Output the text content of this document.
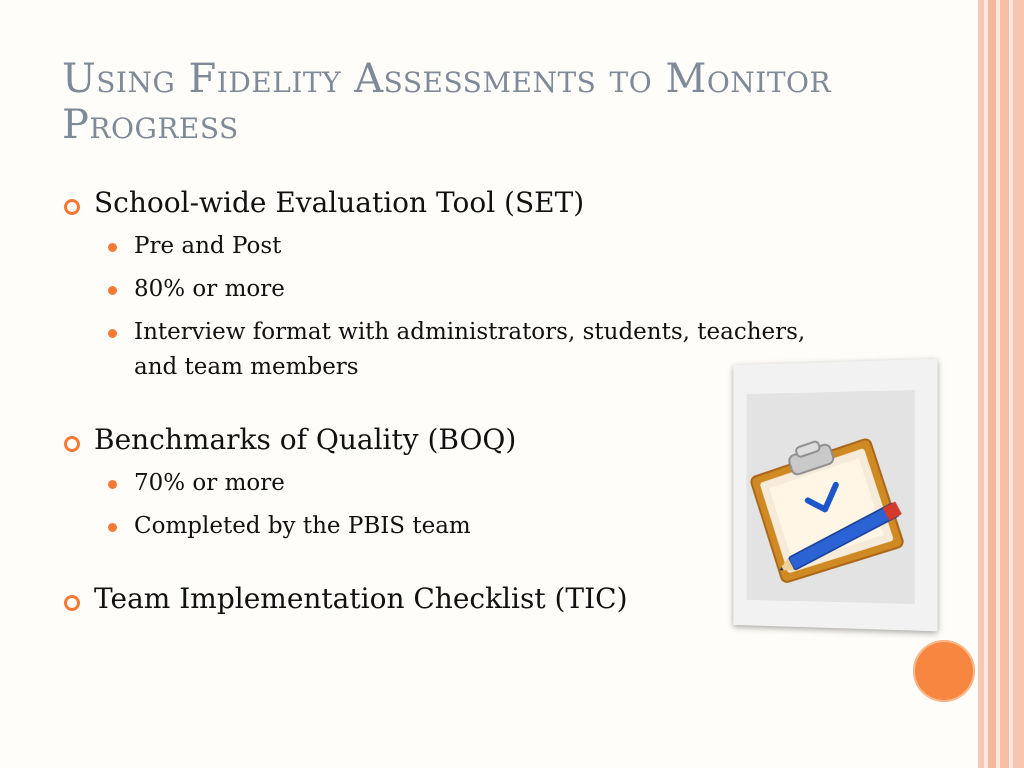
Using Fidelity Assessments to Monitor Progress
School-wide Evaluation Tool (SET)
Pre and Post
80% or more
Interview format with administrators, students, teachers, and team members
Benchmarks of Quality (BOQ)
70% or more
Completed by the PBIS team
Team Implementation Checklist (TIC)
